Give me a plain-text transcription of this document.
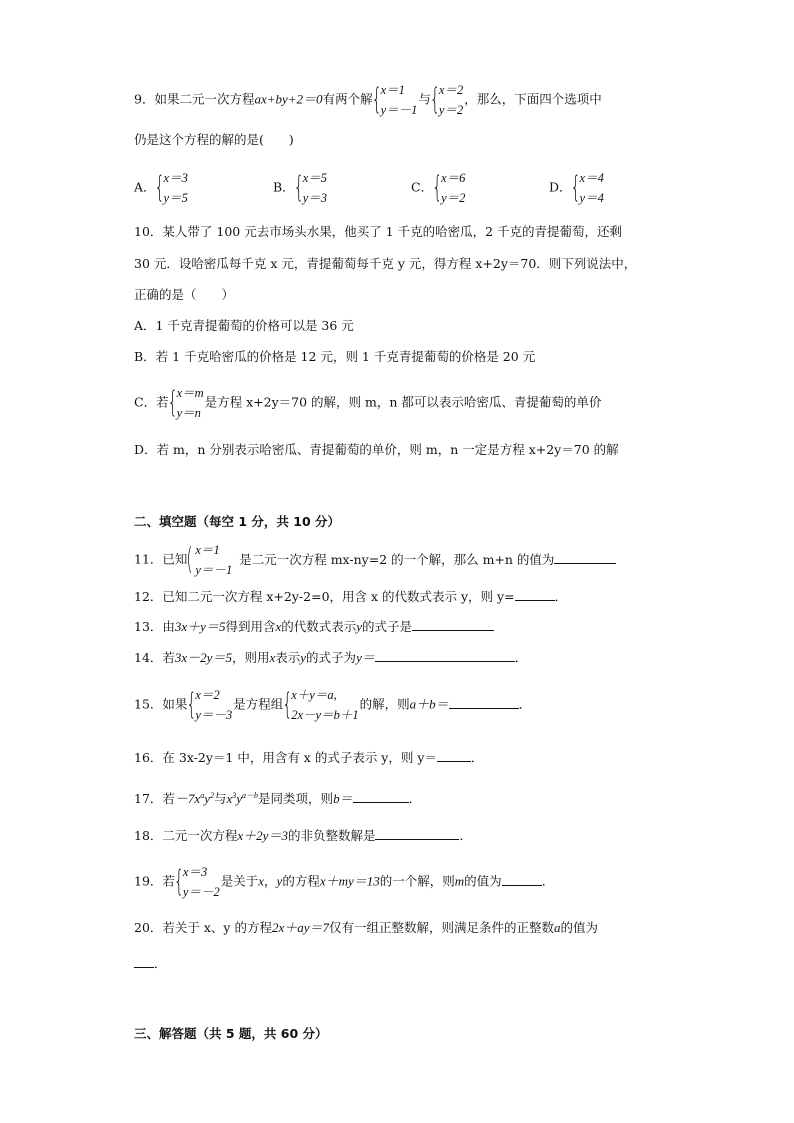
9．如果二元一次方程ax+by+2＝0有两个解
{ x＝1
y＝－1
与
{ x＝2
y＝2
，那么，下面四个选项中
仍是这个方程的解的是(　　)
A．
{ x＝3
y＝5
B．
{ x＝5
y＝3
C．
{ x＝6
y＝2
D．
{ x＝4
y＝4
10．某人带了 100 元去市场头水果，他买了 1 千克的哈密瓜，2 千克的青提葡萄，还剩
30 元．设哈密瓜每千克 x 元，青提葡萄每千克 y 元，得方程 x+2y＝70．则下列说法中，
正确的是（　　）
A．1 千克青提葡萄的价格可以是 36 元
B．若 1 千克哈密瓜的价格是 12 元，则 1 千克青提葡萄的价格是 20 元
C．若
{ x＝m
y＝n
是方程 x+2y＝70 的解，则 m，n 都可以表示哈密瓜、青提葡萄的单价
D．若 m，n 分别表示哈密瓜、青提葡萄的单价，则 m，n 一定是方程 x+2y＝70 的解
二、填空题（每空 1 分，共 10 分）
11．已知
( x＝1
y＝－1
是二元一次方程 mx-ny=2 的一个解，那么 m+n 的值为
12．已知二元一次方程 x+2y-2=0，用含 x 的代数式表示 y，则 y=	．
13．由3x＋y＝5得到用含x的代数式表示y的式子是
14．若3x－2y＝5，则用x表示y的式子为y＝	．
15．如果
{ x＝2
y＝－3
是方程组
{ x＋y＝a,
2x－y＝b＋1
的解，则a＋b＝	．
16．在 3x-2y＝1 中，用含有 x 的式子表示 y，则 y＝	．
17．若$-7x^ay^2$与$x^3y^{a-b}$是同类项，则b＝	.
18．二元一次方程x＋2y＝3的非负整数解是	．
19．若
{ x＝3
y＝－2
是关于x，y的方程x＋my＝13的一个解，则m的值为	．
20．若关于 x、y 的方程2x＋ay＝7仅有一组正整数解，则满足条件的正整数a的值为
．
三、解答题（共 5 题，共 60 分）
